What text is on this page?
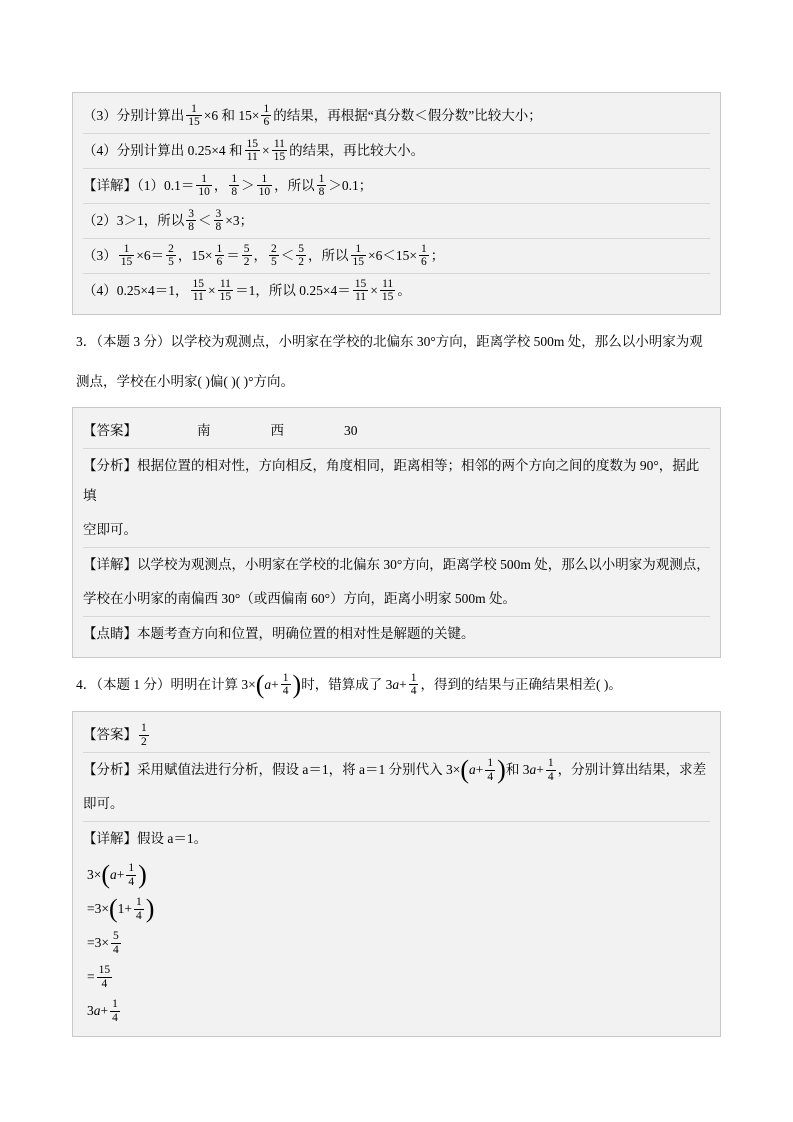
（3）分别计算出 $\frac{1}{15} \times 6$ 和 $15\times \frac{1}{6}$ 的结果，再根据“真分数＜假分数”比较大小；
（4）分别计算出 0.25×4 和 $\frac{15}{11} \times \frac{11}{15}$ 的结果，再比较大小。
【详解】$(1)0.1= \frac{1}{10}$ ， $\frac{1}{8} > \frac{1}{10}$ ，所以 $\frac{1}{8} >0.1$；
（2）3＞1，所以 $\frac{3}{8} < \frac{3}{8} \times 3$；
$(3) \frac{1}{15} \times 6= \frac{2}{5}$ ，$15\times \frac{1}{6} = \frac{5}{2}$ ， $\frac{2}{5} < \frac{5}{2}$ ，所以 $\frac{1}{15} \times 6<15\times \frac{1}{6}$ ；
（4）0.25×4＝1， $\frac{15}{11} \times \frac{11}{15} =1$，所以 $0.25\times 4= \frac{15}{11} \times \frac{11}{15}$ 。
3．（本题 3 分）以学校为观测点，小明家在学校的北偏东 30°方向，距离学校 500m 处，那么以小明家为观
测点，学校在小明家( )偏( )( )°方向。
【答案】	南	西	30
【分析】根据位置的相对性，方向相反，角度相同，距离相等；相邻的两个方向之间的度数为 90°，据此填
空即可。
【详解】以学校为观测点，小明家在学校的北偏东 30°方向，距离学校 500m 处，那么以小明家为观测点，
学校在小明家的南偏西 30°（或西偏南 60°）方向，距离小明家 500m 处。
【点睛】本题考查方向和位置，明确位置的相对性是解题的关键。
4．（本题 1 分）明明在计算 $3\times(a+ \frac{1}{4}$ )时，错算成了 $3a+ \frac{1}{4}$ ，得到的结果与正确结果相差( )。
【答案】 $\frac{1}{2}$
【分析】采用赋值法进行分析，假设 a＝1，将 a＝1 分别代入 $3\times(a+ \frac{1}{4}$ )和 $3a+ \frac{1}{4}$ ，分别计算出结果，求差
即可。
【详解】假设 a＝1。
$3\times(a+ \frac{1}{4}$ )
$=3\times(1+ \frac{1}{4}$ )
$=3\times \frac{5}{4}$
= $\frac{15}{4}$
$3a+ \frac{1}{4}$
